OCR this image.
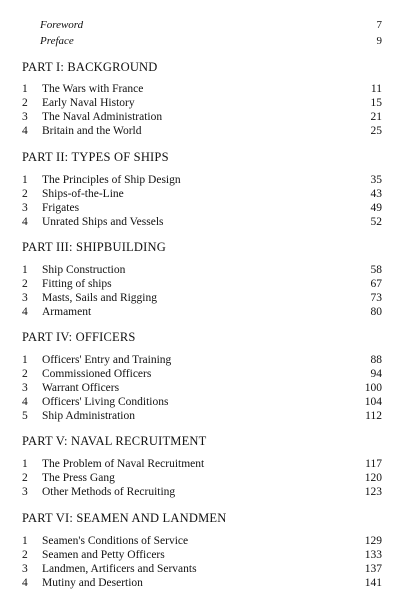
Foreword	7
Preface	9
PART I: BACKGROUND
1 The Wars with France	11
2 Early Naval History	15
3 The Naval Administration	21
4 Britain and the World	25
PART II: TYPES OF SHIPS
1 The Principles of Ship Design	35
2 Ships-of-the-Line	43
3 Frigates	49
4 Unrated Ships and Vessels	52
PART III: SHIPBUILDING
1 Ship Construction	58
2 Fitting of ships	67
3 Masts, Sails and Rigging	73
4 Armament	80
PART IV: OFFICERS
1 Officers' Entry and Training	88
2 Commissioned Officers	94
3 Warrant Officers	100
4 Officers' Living Conditions	104
5 Ship Administration	112
PART V: NAVAL RECRUITMENT
1 The Problem of Naval Recruitment	117
2 The Press Gang	120
3 Other Methods of Recruiting	123
PART VI: SEAMEN AND LANDMEN
1 Seamen's Conditions of Service	129
2 Seamen and Petty Officers	133
3 Landmen, Artificers and Servants	137
4 Mutiny and Desertion	141
